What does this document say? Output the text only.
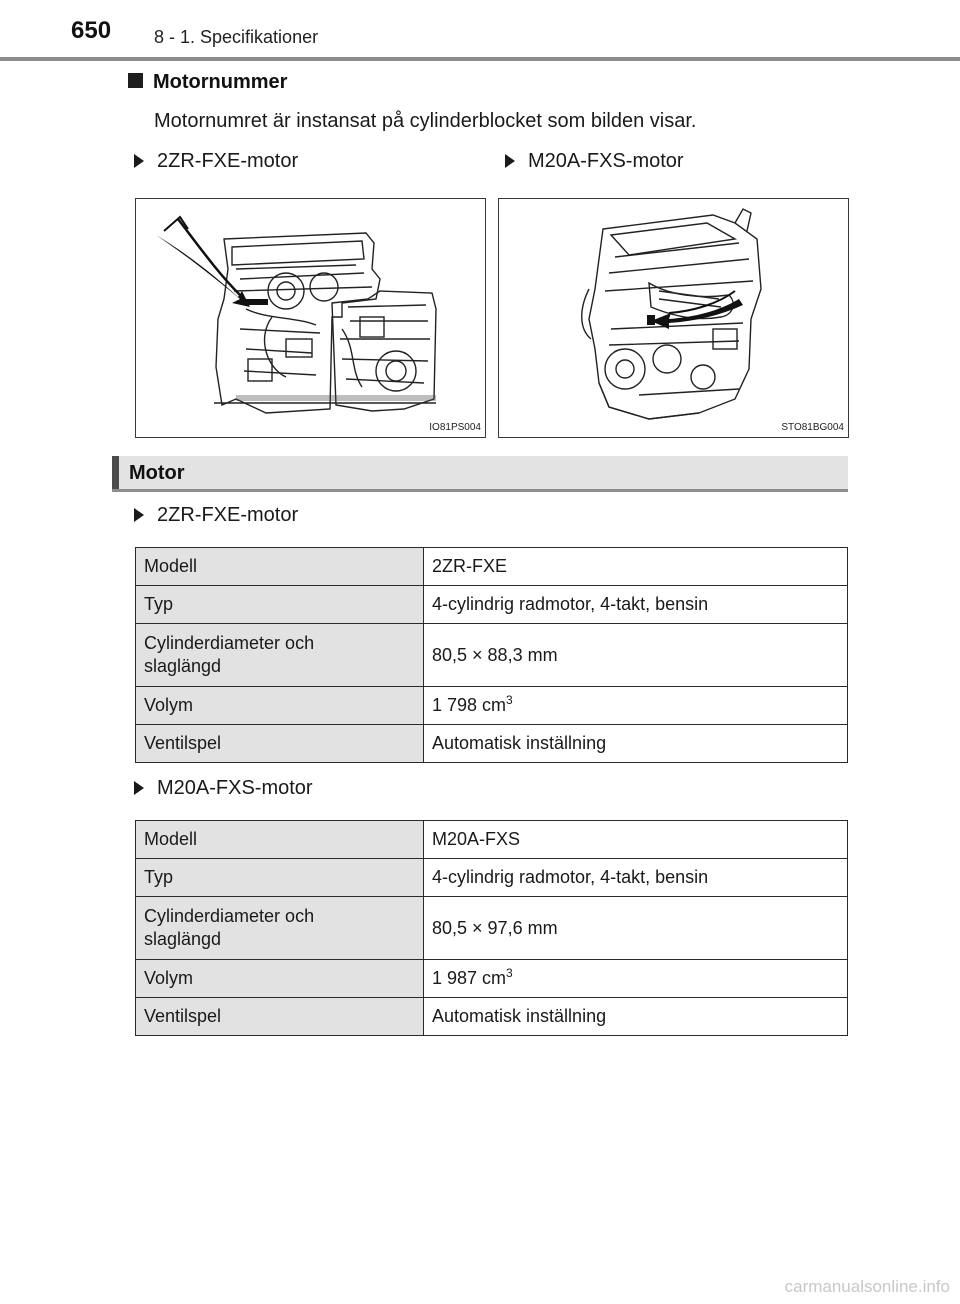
650 8 - 1. Specifikationer
Motornummer
Motornumret är instansat på cylinderblocket som bilden visar.
2ZR-FXE-motor	M20A-FXS-motor
IO81PS004	STO81BG004
Motor
2ZR-FXE-motor
Modell	2ZR-FXE
Typ	4-cylindrig radmotor, 4-takt, bensin
Cylinderdiameter och
slaglängd	80,5 × 88,3 mm
Volym	1 798 $cm^3$
Ventilspel	Automatisk inställning
M20A-FXS-motor
Modell	M20A-FXS
Typ	4-cylindrig radmotor, 4-takt, bensin
Cylinderdiameter och
slaglängd	80,5 × 97,6 mm
Volym	1 987 $cm^3$
Ventilspel	Automatisk inställning
carmanualsonline.info
